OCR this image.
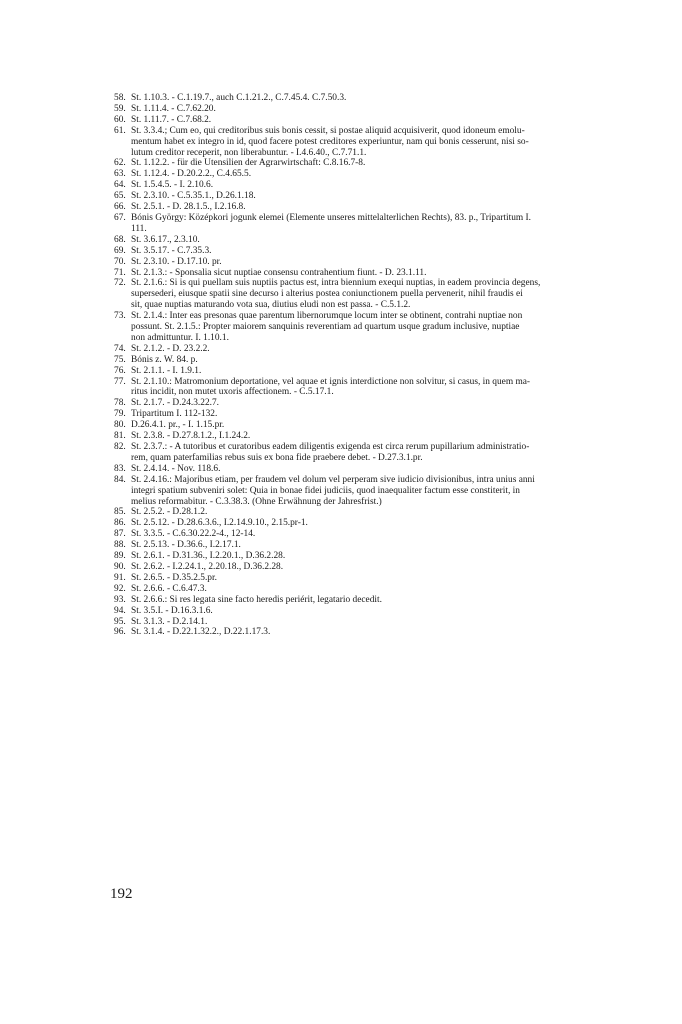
58. St. 1.10.3. - C.1.19.7., auch C.1.21.2., C.7.45.4. C.7.50.3.
59. St. 1.11.4. - C.7.62.20.
60. St. 1.11.7. - C.7.68.2.
61. St. 3.3.4.; Cum eo, qui creditoribus suis bonis cessit, si postae aliquid acquisiverit, quod idoneum emolu-
mentum habet ex integro in id, quod facere potest creditores experiuntur, nam qui bonis cesserunt, nisi so-
lutum creditor receperit, non liberabuntur. - I.4.6.40., C.7.71.1.
62. St. 1.12.2. - für die Utensilien der Agrarwirtschaft: C.8.16.7-8.
63. St. 1.12.4. - D.20.2.2., C.4.65.5.
64. St. 1.5.4.5. - I. 2.10.6.
65. St. 2.3.10. - C.5.35.1., D.26.1.18.
66. St. 2.5.1. - D. 28.1.5., I.2.16.8.
67. Bónis György: Középkori jogunk elemei (Elemente unseres mittelalterlichen Rechts), 83. p., Tripartitum I.
111.
68. St. 3.6.17., 2.3.10.
69. St. 3.5.17. - C.7.35.3.
70. St. 2.3.10. - D.17.10. pr.
71. St. 2.1.3.: - Sponsalia sicut nuptiae consensu contrahentium fiunt. - D. 23.1.11.
72. St. 2.1.6.: Si is qui puellam suis nuptiis pactus est, intra biennium exequi nuptias, in eadem provincia degens,
supersederi, eiusque spatii sine decurso i alterius postea coniunctionem puella pervenerit, nihil fraudis ei
sit, quae nuptias maturando vota sua, diutius eludi non est passa. - C.5.1.2.
73. St. 2.1.4.: Inter eas presonas quae parentum libernorumque locum inter se obtinent, contrahi nuptiae non
possunt. St. 2.1.5.: Propter maiorem sanquinis reverentiam ad quartum usque gradum inclusive, nuptiae
non admittuntur. I. 1.10.1.
74. St. 2.1.2. - D. 23.2.2.
75. Bónis z. W. 84. p.
76. St. 2.1.1. - I. 1.9.1.
77. St. 2.1.10.: Matromonium deportatione, vel aquae et ignis interdictione non solvitur, si casus, in quem ma-
ritus incidit, non mutet uxoris affectionem. - C.5.17.1.
78. St. 2.1.7. - D.24.3.22.7.
79. Tripartitum I. 112-132.
80. D.26.4.1. pr., - I. 1.15.pr.
81. St. 2.3.8. - D.27.8.1.2., I.1.24.2.
82. St. 2.3.7.: - A tutoribus et curatoribus eadem diligentis exigenda est circa rerum pupillarium administratio-
rem, quam paterfamilias rebus suis ex bona fide praebere debet. - D.27.3.1.pr.
83. St. 2.4.14. - Nov. 118.6.
84. St. 2.4.16.: Majoribus etiam, per fraudem vel dolum vel perperam sive iudicio divisionibus, intra unius anni
integri spatium subveniri solet: Quia in bonae fidei judiciis, quod inaequaliter factum esse constiterit, in
melius reformabitur. - C.3.38.3. (Ohne Erwähnung der Jahresfrist.)
85. St. 2.5.2. - D.28.1.2.
86. St. 2.5.12. - D.28.6.3.6., I.2.14.9.10., 2.15.pr-1.
87. St. 3.3.5. - C.6.30.22.2-4., 12-14.
88. St. 2.5.13. - D.36.6., I.2.17.1.
89. St. 2.6.1. - D.31.36., I.2.20.1., D.36.2.28.
90. St. 2.6.2. - I.2.24.1., 2.20.18., D.36.2.28.
91. St. 2.6.5. - D.35.2.5.pr.
92. St. 2.6.6. - C.6.47.3.
93. St. 2.6.6.: Si res legata sine facto heredis periérit, legatario decedit.
94. St. 3.5.I. - D.16.3.1.6.
95. St. 3.1.3. - D.2.14.1.
96. St. 3.1.4. - D.22.1.32.2., D.22.1.17.3.
192
